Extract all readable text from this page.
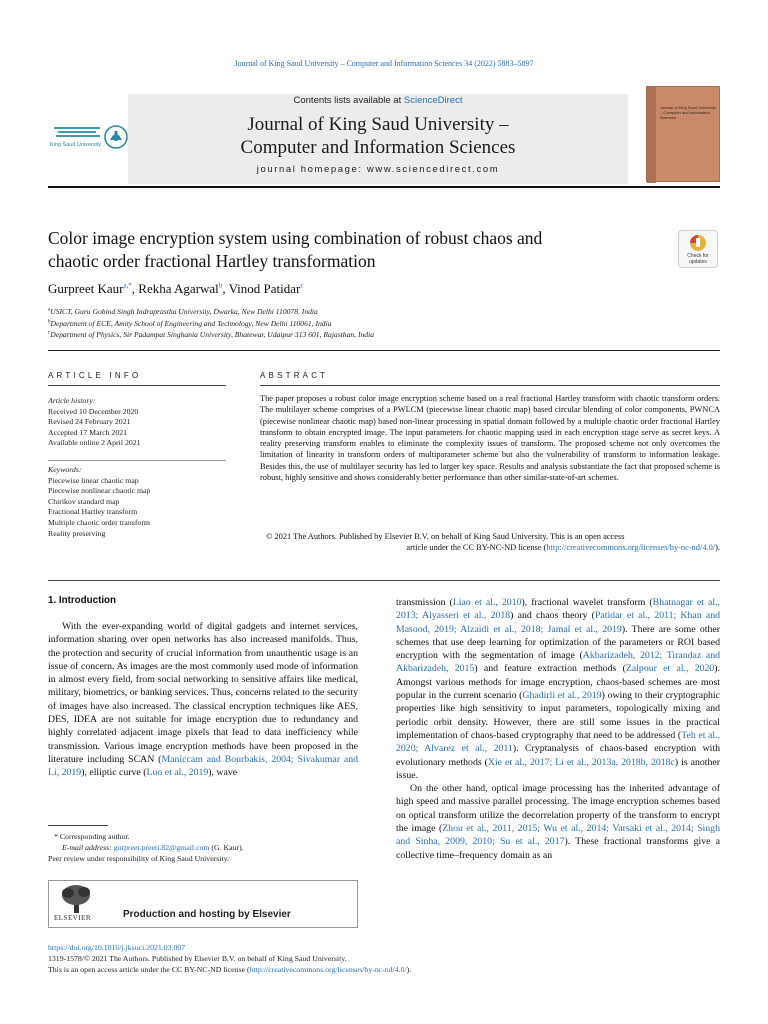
Journal of King Saud University – Computer and Information Sciences 34 (2022) 5883–5897
Contents lists available at ScienceDirect
Journal of King Saud University –
Computer and Information Sciences
journal homepage: www.sciencedirect.com
King Saud University
Journal of King Saud University – Computer and Information Sciences
Color image encryption system using combination of robust chaos and
chaotic order fractional Hartley transformation	Check for updates
Gurpreet Kaur$^{a,*}$, Rekha Agarwal$^b$, Vinod Patidar$^c$
$^a$USICT, Guru Gobind Singh Indraprastha University, Dwarka, New Delhi 110078, India
$^b$Department of ECE, Amity School of Engineering and Technology, New Delhi 110061, India
$^c$Department of Physics, Sir Padampat Singhania University, Bhatewar, Udaipur 313 601, Rajasthan, India
ARTICLE INFO
Article history:
Received 10 December 2020
Revised 24 February 2021
Accepted 17 March 2021
Available online 2 April 2021
Keywords:
Piecewise linear chaotic map
Piecewise nonlinear chaotic map
Chirikov standard map
Fractional Hartley transform
Multiple chaotic order transform
Reality preserving
ABSTRACT
The paper proposes a robust color image encryption scheme based on a real fractional Hartley transform with chaotic transform orders. The multilayer scheme comprises of a PWLCM (piecewise linear chaotic map) based circular blending of color components, PWNCA (piecewise nonlinear chaotic map) based non-linear processing in spatial domain followed by a multiple chaotic order fractional Hartley transform to obtain encrypted image. The input parameters for chaotic mapping used in each encryption stage serve as secret keys. A reality preserving transform enables to eliminate the complexity issues of transform. The proposed scheme not only overcomes the limitation of linearity in transform orders of multiparameter scheme but also the vulnerability of transform to information leakage. Besides this, the use of multilayer security has led to larger key space. Results and analysis substantiate the fact that proposed scheme is robust, highly sensitive and shows considerably better performance than other similar-state-of-art schemes.
© 2021 The Authors. Published by Elsevier B.V. on behalf of King Saud University. This is an open access
article under the CC BY-NC-ND license (http://creativecommons.org/licenses/by-nc-nd/4.0/).
1. Introduction
With the ever-expanding world of digital gadgets and internet services, information sharing over open networks has also increased manifolds. Thus, the protection and security of crucial information from unauthentic usage is an issue of concern. As images are the most commonly used mode of information in almost every field, from social networking to sensitive affairs like medical, military, biometrics, or banking services. Thus, concerns related to the security of images have also increased. The classical encryption techniques like AES, DES, IDEA are not suitable for image encryption due to redundancy and highly correlated adjacent image pixels that lead to data inefficiency while transmission. Various image encryption methods have been proposed in the literature including SCAN (Maniccam and Bourbakis, 2004; Sivakumar and Li, 2019), elliptic curve (Luo et al., 2019), wave
transmission (Liao et al., 2010), fractional wavelet transform (Bhatnagar et al., 2013; Alyasseri et al., 2018) and chaos theory (Patidar et al., 2011; Khan and Masood, 2019; Alzaidi et al., 2018; Jamal et al., 2019). There are some other schemes that use deep learning for optimization of the parameters or ROI based encryption with the segmentation of image (Akbarizadeh, 2012; Tirandaz and Akbarizadeh, 2015) and feature extraction methods (Zalpour et al., 2020). Amongst various methods for image encryption, chaos-based schemes are most popular in the current scenario (Ghadirli et al., 2019) owing to their cryptographic properties like high sensitivity to input parameters, topologically mixing and periodic orbit density. However, there are still some issues in the practical implementation of chaos-based cryptography that need to be addressed (Teh et al., 2020; Alvarez et al., 2011). Cryptanalysis of chaos-based encryption with evolutionary methods (Xie et al., 2017; Li et al., 2013a, 2018b, 2018c) is another issue.
On the other hand, optical image processing has the inherited advantage of high speed and massive parallel processing. The image encryption schemes based on optical transform utilize the decorrelation property of the transform to encrypt the image (Zhou et al., 2011, 2015; Wu et al., 2014; Varsaki et al., 2014; Singh and Sinha, 2009, 2010; Su et al., 2017). These fractional transforms give a collective time–frequency domain as an
* Corresponding author.
E-mail address: gurpreet.preeti.82@gmail.com (G. Kaur).
Peer review under responsibility of King Saud University.
Production and hosting by Elsevier
ELSEVIER
https://doi.org/10.1016/j.jksuci.2021.03.007
1319-1578/© 2021 The Authors. Published by Elsevier B.V. on behalf of King Saud University.
This is an open access article under the CC BY-NC-ND license (http://creativecommons.org/licenses/by-nc-nd/4.0/).
